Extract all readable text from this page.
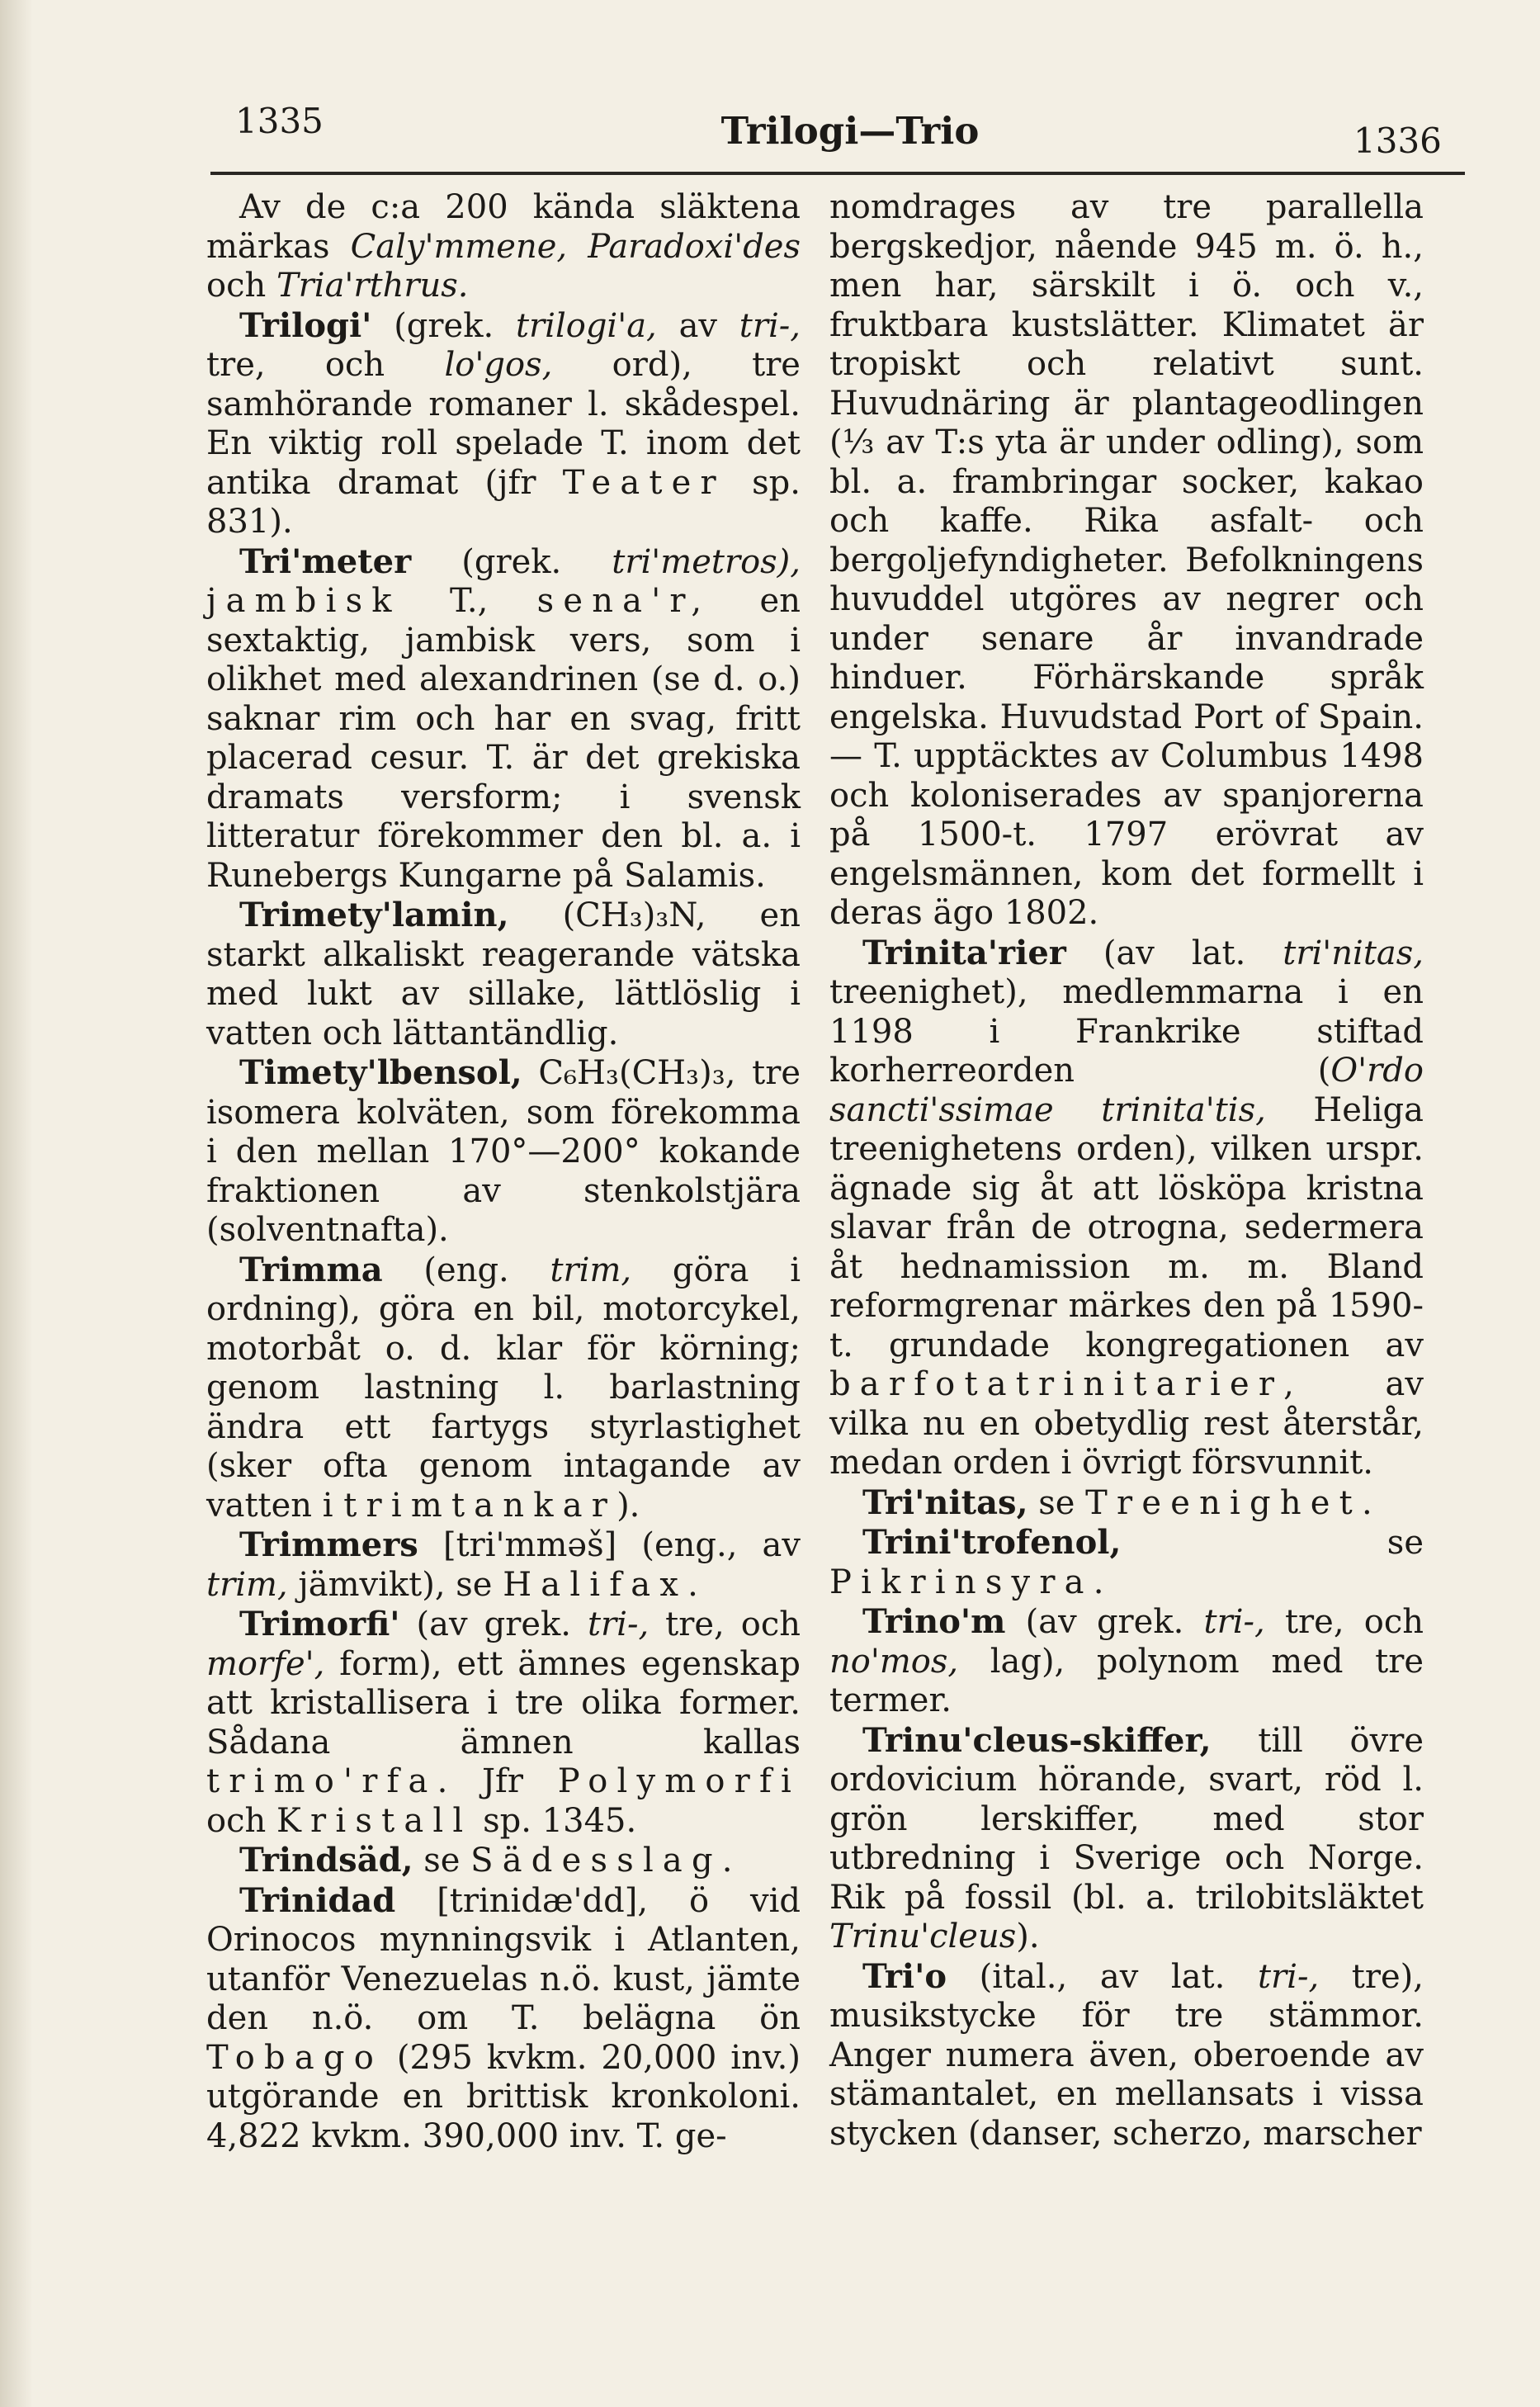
1335	Trilogi—Trio	1336

Av de c:a 200 kända släktena märkas Caly'mmene, Paradoxi'des och Tria'rthrus.

Trilogi' (grek. trilogi'a, av tri-, tre, och lo'gos, ord), tre samhörande romaner l. skådespel. En viktig roll spelade T. inom det antika dramat (jfr Teater sp. 831).

Tri'meter (grek. tri'metros), jambisk T., sena'r, en sextaktig, jambisk vers, som i olikhet med alexandrinen (se d. o.) saknar rim och har en svag, fritt placerad cesur. T. är det grekiska dramats versform; i svensk litteratur förekommer den bl. a. i Runebergs Kungarne på Salamis.

Trimety'lamin, (CH₃)₃N, en starkt alkaliskt reagerande vätska med lukt av sillake, lättlöslig i vatten och lättantändlig.

Timety'lbensol, C₆H₃(CH₃)₃, tre isomera kolväten, som förekomma i den mellan 170°—200° kokande fraktionen av stenkolstjära (solventnafta).

Trimma (eng. trim, göra i ordning), göra en bil, motorcykel, motorbåt o. d. klar för körning; genom lastning l. barlastning ändra ett fartygs styrlastighet (sker ofta genom intagande av vatten i trimtankar).

Trimmers [tri'mməš] (eng., av trim, jämvikt), se Halifax.

Trimorfi' (av grek. tri-, tre, och morfe', form), ett ämnes egenskap att kristallisera i tre olika former. Sådana ämnen kallas trimo'rfa. Jfr Polymorfi och Kristall sp. 1345.

Trindsäd, se Sädesslag.

Trinidad [trinidæ'dd], ö vid Orinocos mynningsvik i Atlanten, utanför Venezuelas n.ö. kust, jämte den n.ö. om T. belägna ön Tobago (295 kvkm. 20,000 inv.) utgörande en brittisk kronkoloni. 4,822 kvkm. 390,000 inv. T. ge-

nomdrages av tre parallella bergskedjor, nående 945 m. ö. h., men har, särskilt i ö. och v., fruktbara kustslätter. Klimatet är tropiskt och relativt sunt. Huvudnäring är plantageodlingen (⅓ av T:s yta är under odling), som bl. a. frambringar socker, kakao och kaffe. Rika asfalt- och bergoljefyndigheter. Befolkningens huvuddel utgöres av negrer och under senare år invandrade hinduer. Förhärskande språk engelska. Huvudstad Port of Spain. — T. upptäcktes av Columbus 1498 och koloniserades av spanjorerna på 1500-t. 1797 erövrat av engelsmännen, kom det formellt i deras ägo 1802.

Trinita'rier (av lat. tri'nitas, treenighet), medlemmarna i en 1198 i Frankrike stiftad korherreorden (O'rdo sancti'ssimae trinita'tis, Heliga treenighetens orden), vilken urspr. ägnade sig åt att lösköpa kristna slavar från de otrogna, sedermera åt hednamission m. m. Bland reformgrenar märkes den på 1590-t. grundade kongregationen av barfotatrinitarier, av vilka nu en obetydlig rest återstår, medan orden i övrigt försvunnit.

Tri'nitas, se Treenighet.

Trini'trofenol, se Pikrinsyra.

Trino'm (av grek. tri-, tre, och no'mos, lag), polynom med tre termer.

Trinu'cleus-skiffer, till övre ordovicium hörande, svart, röd l. grön lerskiffer, med stor utbredning i Sverige och Norge. Rik på fossil (bl. a. trilobitsläktet Trinu'cleus).

Tri'o (ital., av lat. tri-, tre), musikstycke för tre stämmor. Anger numera även, oberoende av stämantalet, en mellansats i vissa stycken (danser, scherzo, marscher
